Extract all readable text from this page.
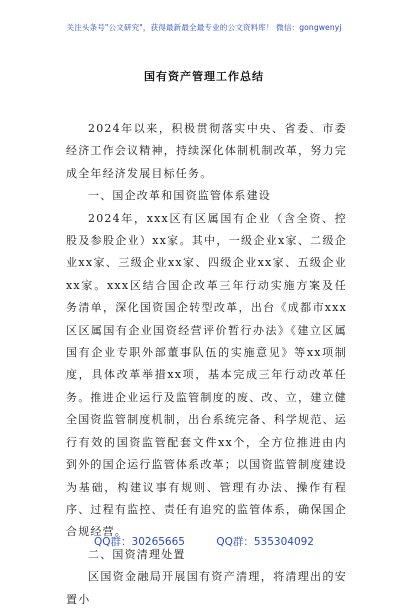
关注头条号"公文研究"，获得最新最全最专业的公文资料库！ 微信：gongwenyj
国有资产管理工作总结

2024年以来，积极贯彻落实中央、省委、市委经济工作会议精神，持续深化体制机制改革，努力完成全年经济发展目标任务。

一、国企改革和国资监管体系建设

2024年，xxx区有区属国有企业（含全资、控股及参股企业）xx家。其中，一级企业x家、二级企业xx家、三级企业xx家、四级企业xx家、五级企业xx家。xxx区结合国企改革三年行动实施方案及任务清单，深化国资国企转型改革，出台《成都市xxx区区属国有企业国资经营评价暂行办法》《建立区属国有企业专职外部董事队伍的实施意见》等xx项制度，具体改革举措xx项，基本完成三年行动改革任务。推进企业运行及监管制度的废、改、立，建立健全国资监管制度机制，出台系统完备、科学规范、运行有效的国资监管配套文件xx个，全方位推进由内到外的国企运行监管体系改革；以国资监管制度建设为基础，构建议事有规则、管理有办法、操作有程序、过程有监控、责任有追究的监管体系，确保国企合规经营。

二、国资清理处置

区国资金融局开展国有资产清理，将清理出的安置小

QQ群：30265665	QQ群：535304092
